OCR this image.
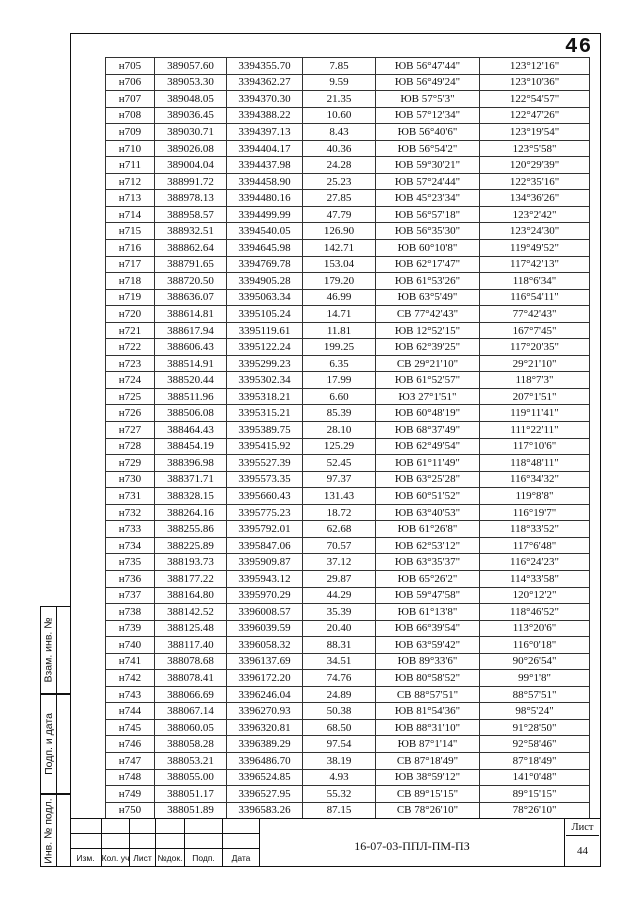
46
н705	389057.60	3394355.70	7.85	ЮВ 56°47'44"	123°12'16"
н706	389053.30	3394362.27	9.59	ЮВ 56°49'24"	123°10'36"
н707	389048.05	3394370.30	21.35	ЮВ 57°5'3"	122°54'57"
н708	389036.45	3394388.22	10.60	ЮВ 57°12'34"	122°47'26"
н709	389030.71	3394397.13	8.43	ЮВ 56°40'6"	123°19'54"
н710	389026.08	3394404.17	40.36	ЮВ 56°54'2"	123°5'58"
н711	389004.04	3394437.98	24.28	ЮВ 59°30'21"	120°29'39"
н712	388991.72	3394458.90	25.23	ЮВ 57°24'44"	122°35'16"
н713	388978.13	3394480.16	27.85	ЮВ 45°23'34"	134°36'26"
н714	388958.57	3394499.99	47.79	ЮВ 56°57'18"	123°2'42"
н715	388932.51	3394540.05	126.90	ЮВ 56°35'30"	123°24'30"
н716	388862.64	3394645.98	142.71	ЮВ 60°10'8"	119°49'52"
н717	388791.65	3394769.78	153.04	ЮВ 62°17'47"	117°42'13"
н718	388720.50	3394905.28	179.20	ЮВ 61°53'26"	118°6'34"
н719	388636.07	3395063.34	46.99	ЮВ 63°5'49"	116°54'11"
н720	388614.81	3395105.24	14.71	СВ 77°42'43"	77°42'43"
н721	388617.94	3395119.61	11.81	ЮВ 12°52'15"	167°7'45"
н722	388606.43	3395122.24	199.25	ЮВ 62°39'25"	117°20'35"
н723	388514.91	3395299.23	6.35	СВ 29°21'10"	29°21'10"
н724	388520.44	3395302.34	17.99	ЮВ 61°52'57"	118°7'3"
н725	388511.96	3395318.21	6.60	ЮЗ 27°1'51"	207°1'51"
н726	388506.08	3395315.21	85.39	ЮВ 60°48'19"	119°11'41"
н727	388464.43	3395389.75	28.10	ЮВ 68°37'49"	111°22'11"
н728	388454.19	3395415.92	125.29	ЮВ 62°49'54"	117°10'6"
н729	388396.98	3395527.39	52.45	ЮВ 61°11'49"	118°48'11"
н730	388371.71	3395573.35	97.37	ЮВ 63°25'28"	116°34'32"
н731	388328.15	3395660.43	131.43	ЮВ 60°51'52"	119°8'8"
н732	388264.16	3395775.23	18.72	ЮВ 63°40'53"	116°19'7"
н733	388255.86	3395792.01	62.68	ЮВ 61°26'8"	118°33'52"
н734	388225.89	3395847.06	70.57	ЮВ 62°53'12"	117°6'48"
н735	388193.73	3395909.87	37.12	ЮВ 63°35'37"	116°24'23"
н736	388177.22	3395943.12	29.87	ЮВ 65°26'2"	114°33'58"
н737	388164.80	3395970.29	44.29	ЮВ 59°47'58"	120°12'2"
н738	388142.52	3396008.57	35.39	ЮВ 61°13'8"	118°46'52"
н739	388125.48	3396039.59	20.40	ЮВ 66°39'54"	113°20'6"
н740	388117.40	3396058.32	88.31	ЮВ 63°59'42"	116°0'18"
н741	388078.68	3396137.69	34.51	ЮВ 89°33'6"	90°26'54"
н742	388078.41	3396172.20	74.76	ЮВ 80°58'52"	99°1'8"
н743	388066.69	3396246.04	24.89	СВ 88°57'51"	88°57'51"
н744	388067.14	3396270.93	50.38	ЮВ 81°54'36"	98°5'24"
н745	388060.05	3396320.81	68.50	ЮВ 88°31'10"	91°28'50"
н746	388058.28	3396389.29	97.54	ЮВ 87°1'14"	92°58'46"
н747	388053.21	3396486.70	38.19	СВ 87°18'49"	87°18'49"
н748	388055.00	3396524.85	4.93	ЮВ 38°59'12"	141°0'48"
н749	388051.17	3396527.95	55.32	СВ 89°15'15"	89°15'15"
н750	388051.89	3396583.26	87.15	СВ 78°26'10"	78°26'10"
Взам. инв. №
Подп. и дата
Инв. № подл.	Изм. Кол. уч Лист №док.	Подп.	Дата
16-07-03-ППЛ-ПМ-ПЗ
Лист
44
